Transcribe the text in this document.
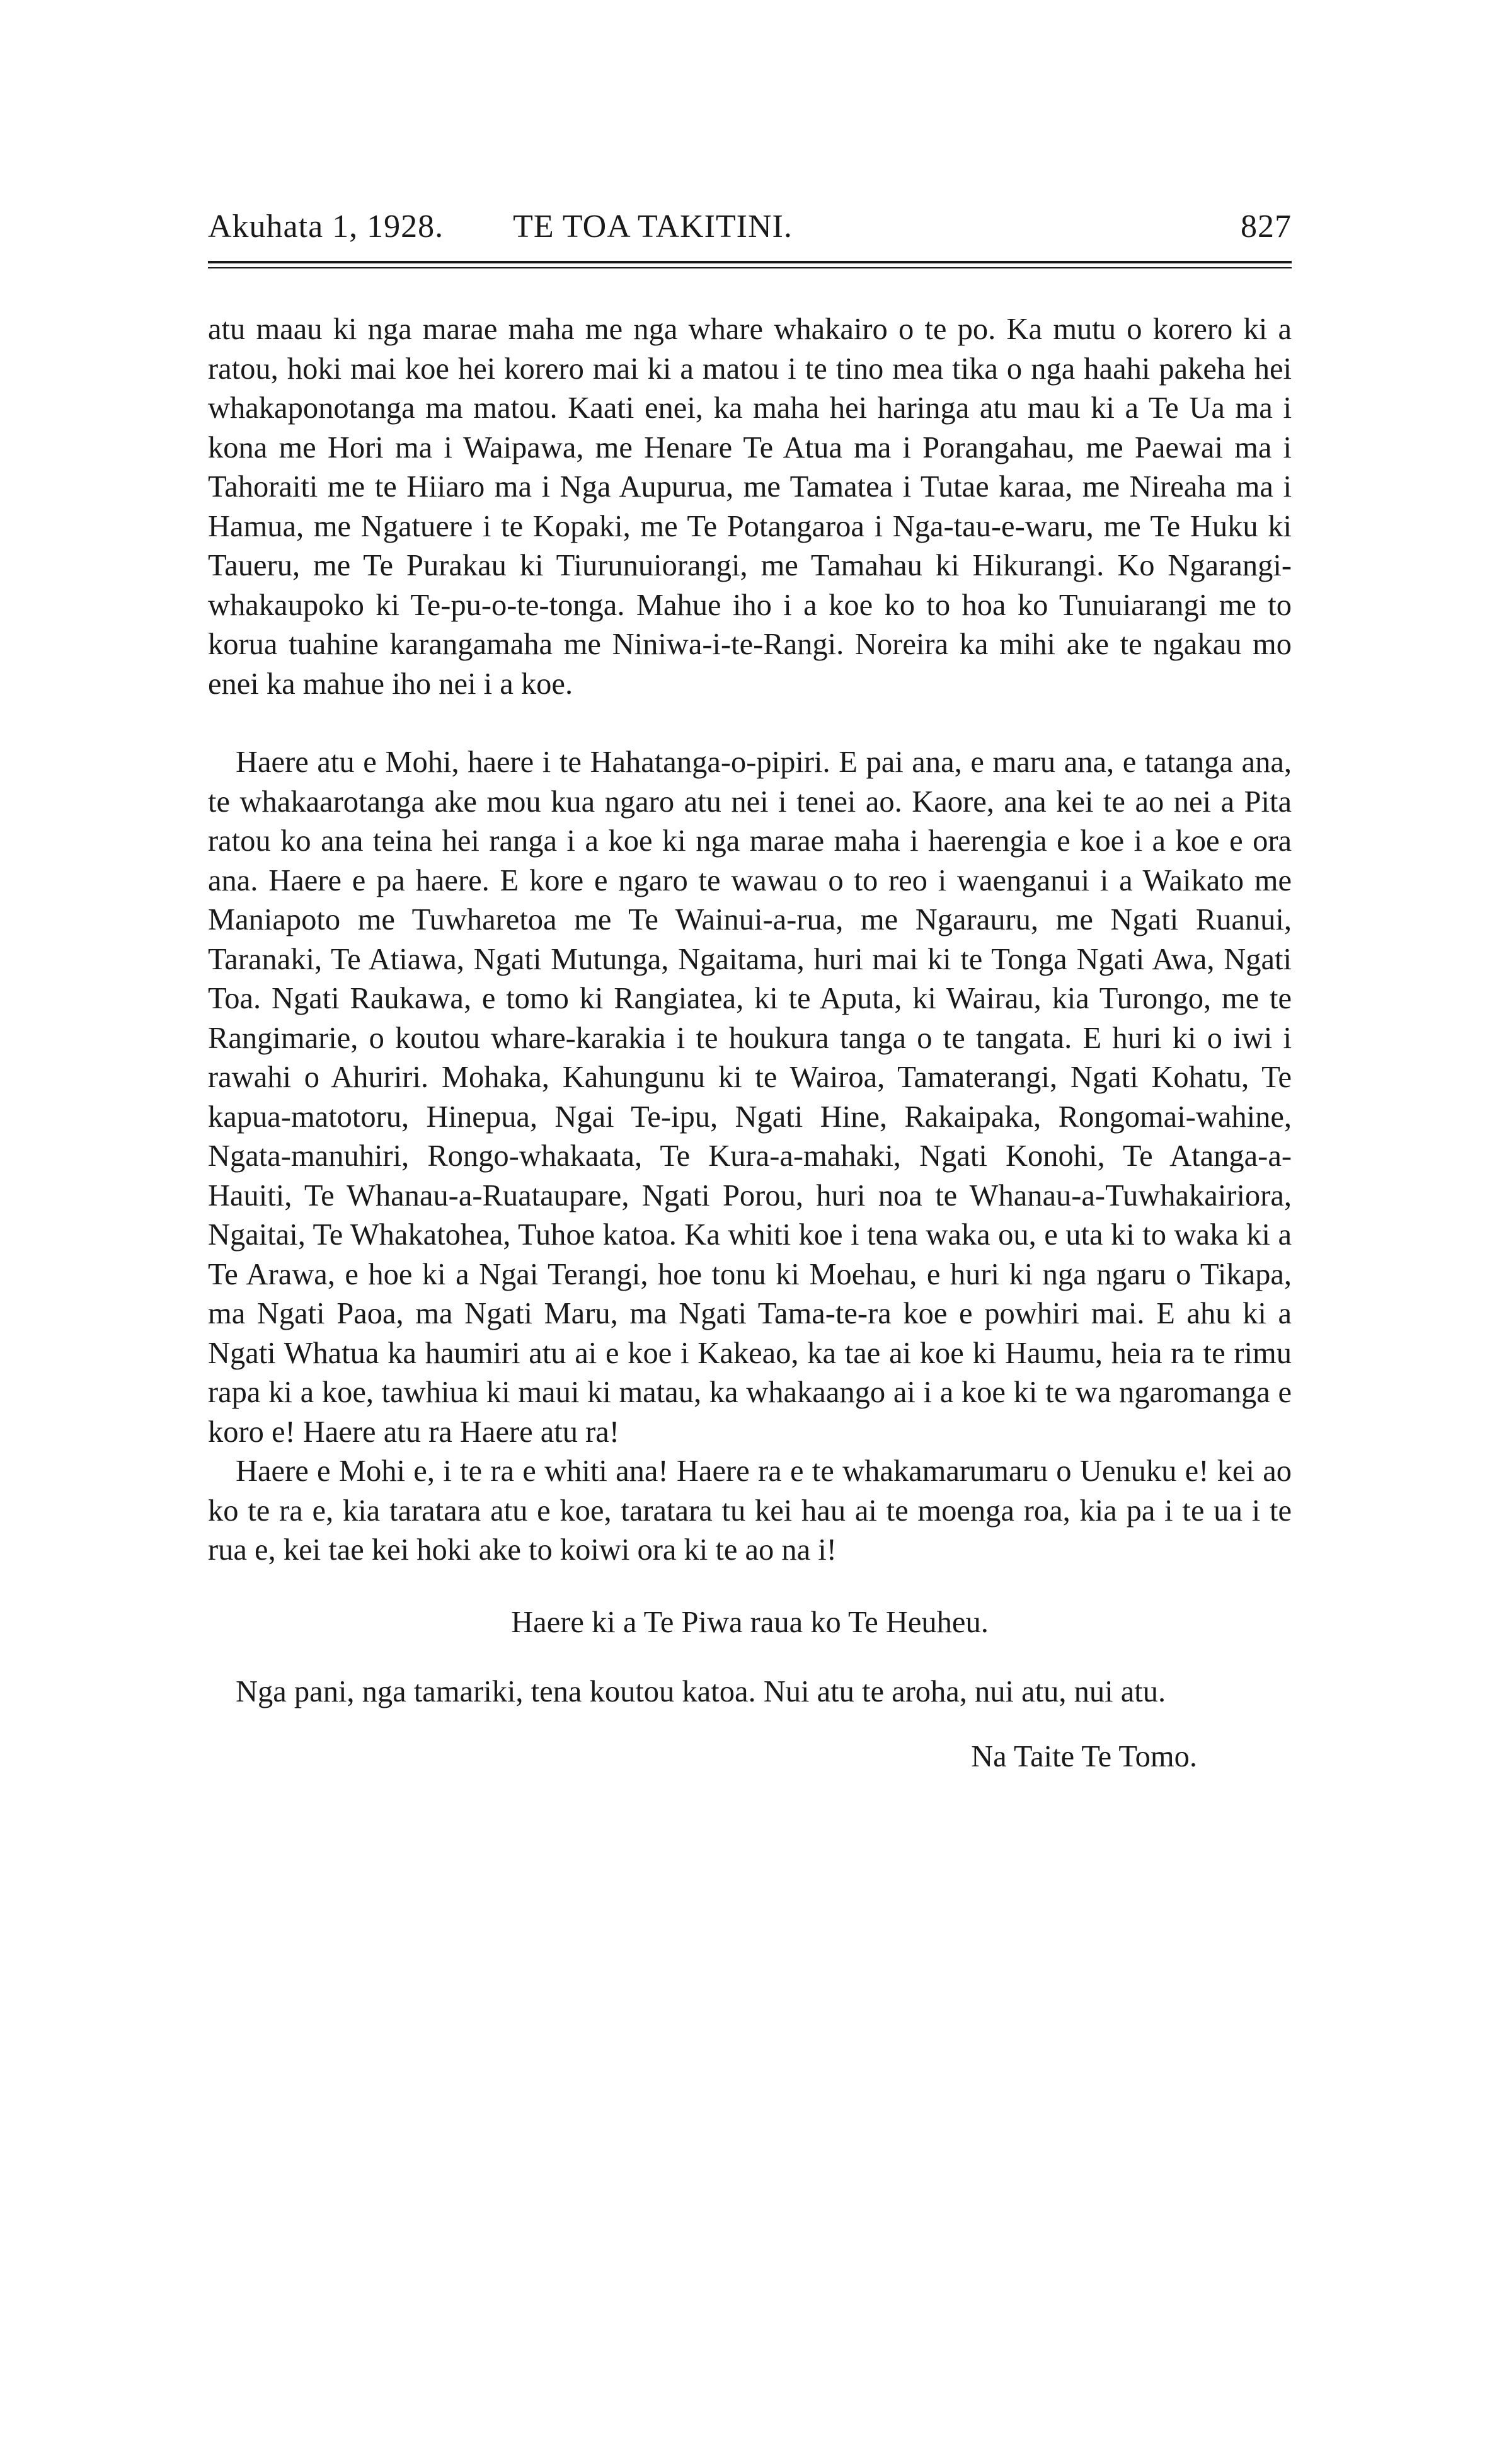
Akuhata 1, 1928. TE TOA TAKITINI.	827

atu maau ki nga marae maha me nga whare whakairo o te po. Ka mutu o korero ki a ratou, hoki mai koe hei korero mai ki a matou i te tino mea tika o nga haahi pakeha hei whakaponotanga ma matou. Kaati enei, ka maha hei haringa atu mau ki a Te Ua ma i kona me Hori ma i Waipawa, me Henare Te Atua ma i Porangahau, me Paewai ma i Tahoraiti me te Hiiaro ma i Nga Aupurua, me Tamatea i Tutae karaa, me Nireaha ma i Hamua, me Ngatuere i te Kopaki, me Te Potangaroa i Nga-tau-e-waru, me Te Huku ki Taueru, me Te Purakau ki Tiurunuiorangi, me Tamahau ki Hikurangi. Ko Ngarangi-whakaupoko ki Te-pu-o-te-tonga. Mahue iho i a koe ko to hoa ko Tunuiarangi me to korua tuahine karangamaha me Niniwa-i-te-Rangi. Noreira ka mihi ake te ngakau mo enei ka mahue iho nei i a koe.

Haere atu e Mohi, haere i te Hahatanga-o-pipiri. E pai ana, e maru ana, e tatanga ana, te whakaarotanga ake mou kua ngaro atu nei i tenei ao. Kaore, ana kei te ao nei a Pita ratou ko ana teina hei ranga i a koe ki nga marae maha i haerengia e koe i a koe e ora ana. Haere e pa haere. E kore e ngaro te wawau o to reo i waenganui i a Waikato me Maniapoto me Tuwharetoa me Te Wainui-a-rua, me Ngarauru, me Ngati Ruanui, Taranaki, Te Atiawa, Ngati Mutunga, Ngaitama, huri mai ki te Tonga Ngati Awa, Ngati Toa. Ngati Raukawa, e tomo ki Rangiatea, ki te Aputa, ki Wairau, kia Turongo, me te Rangimarie, o koutou whare-karakia i te houkura tanga o te tangata. E huri ki o iwi i rawahi o Ahuriri. Mohaka, Kahungunu ki te Wairoa, Tamaterangi, Ngati Kohatu, Te kapua-matotoru, Hinepua, Ngai Te-ipu, Ngati Hine, Rakaipaka, Rongomai-wahine, Ngata-manuhiri, Rongo-whakaata, Te Kura-a-mahaki, Ngati Konohi, Te Atanga-a-Hauiti, Te Whanau-a-Ruataupare, Ngati Porou, huri noa te Whanau-a-Tuwhakairiora, Ngaitai, Te Whakatohea, Tuhoe katoa. Ka whiti koe i tena waka ou, e uta ki to waka ki a Te Arawa, e hoe ki a Ngai Terangi, hoe tonu ki Moehau, e huri ki nga ngaru o Tikapa, ma Ngati Paoa, ma Ngati Maru, ma Ngati Tama-te-ra koe e powhiri mai. E ahu ki a Ngati Whatua ka haumiri atu ai e koe i Kakeao, ka tae ai koe ki Haumu, heia ra te rimu rapa ki a koe, tawhiua ki maui ki matau, ka whakaango ai i a koe ki te wa ngaromanga e koro e! Haere atu ra Haere atu ra!

Haere e Mohi e, i te ra e whiti ana! Haere ra e te whakamarumaru o Uenuku e! kei ao ko te ra e, kia taratara atu e koe, taratara tu kei hau ai te moenga roa, kia pa i te ua i te rua e, kei tae kei hoki ake to koiwi ora ki te ao na i!

Haere ki a Te Piwa raua ko Te Heuheu.

Nga pani, nga tamariki, tena koutou katoa. Nui atu te aroha, nui atu, nui atu.

Na Taite Te Tomo.
